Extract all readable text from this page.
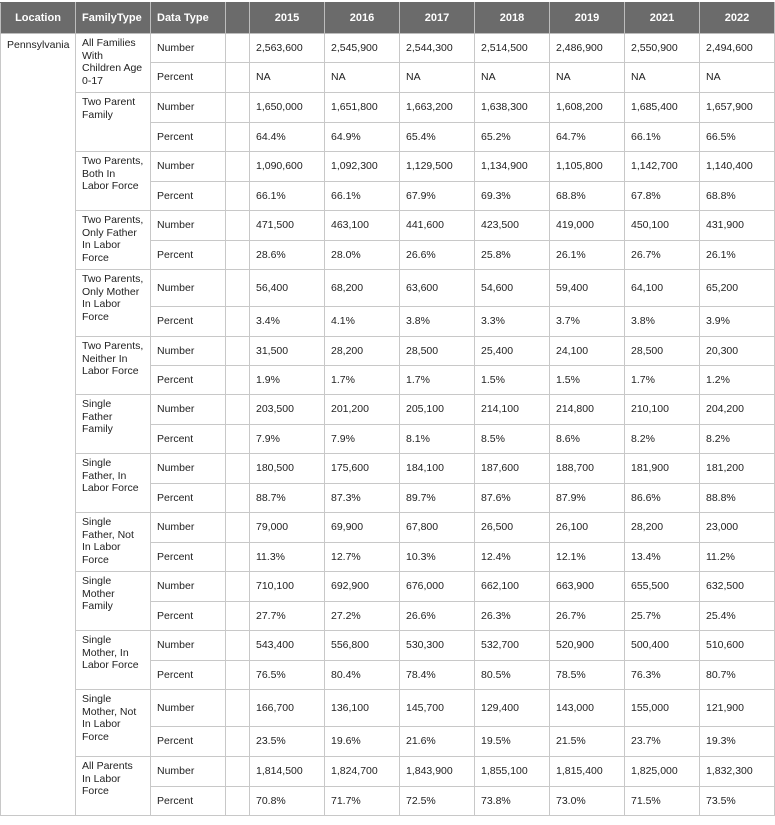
Location	FamilyType	Data Type		2015	2016	2017	2018	2019	2021	2022
Pennsylvania	All Families With Children Age 0-17	Number		2,563,600	2,545,900	2,544,300	2,514,500	2,486,900	2,550,900	2,494,600
		Percent		NA	NA	NA	NA	NA	NA	NA
	Two Parent Family	Number		1,650,000	1,651,800	1,663,200	1,638,300	1,608,200	1,685,400	1,657,900
		Percent		64.4%	64.9%	65.4%	65.2%	64.7%	66.1%	66.5%
	Two Parents, Both In Labor Force	Number		1,090,600	1,092,300	1,129,500	1,134,900	1,105,800	1,142,700	1,140,400
		Percent		66.1%	66.1%	67.9%	69.3%	68.8%	67.8%	68.8%
	Two Parents, Only Father In Labor Force	Number		471,500	463,100	441,600	423,500	419,000	450,100	431,900
		Percent		28.6%	28.0%	26.6%	25.8%	26.1%	26.7%	26.1%
	Two Parents, Only Mother In Labor Force	Number		56,400	68,200	63,600	54,600	59,400	64,100	65,200
		Percent		3.4%	4.1%	3.8%	3.3%	3.7%	3.8%	3.9%
	Two Parents, Neither In Labor Force	Number		31,500	28,200	28,500	25,400	24,100	28,500	20,300
		Percent		1.9%	1.7%	1.7%	1.5%	1.5%	1.7%	1.2%
	Single Father Family	Number		203,500	201,200	205,100	214,100	214,800	210,100	204,200
		Percent		7.9%	7.9%	8.1%	8.5%	8.6%	8.2%	8.2%
	Single Father, In Labor Force	Number		180,500	175,600	184,100	187,600	188,700	181,900	181,200
		Percent		88.7%	87.3%	89.7%	87.6%	87.9%	86.6%	88.8%
	Single Father, Not In Labor Force	Number		79,000	69,900	67,800	26,500	26,100	28,200	23,000
		Percent		11.3%	12.7%	10.3%	12.4%	12.1%	13.4%	11.2%
	Single Mother Family	Number		710,100	692,900	676,000	662,100	663,900	655,500	632,500
		Percent		27.7%	27.2%	26.6%	26.3%	26.7%	25.7%	25.4%
	Single Mother, In Labor Force	Number		543,400	556,800	530,300	532,700	520,900	500,400	510,600
		Percent		76.5%	80.4%	78.4%	80.5%	78.5%	76.3%	80.7%
	Single Mother, Not In Labor Force	Number		166,700	136,100	145,700	129,400	143,000	155,000	121,900
		Percent		23.5%	19.6%	21.6%	19.5%	21.5%	23.7%	19.3%
	All Parents In Labor Force	Number		1,814,500	1,824,700	1,843,900	1,855,100	1,815,400	1,825,000	1,832,300
		Percent		70.8%	71.7%	72.5%	73.8%	73.0%	71.5%	73.5%
